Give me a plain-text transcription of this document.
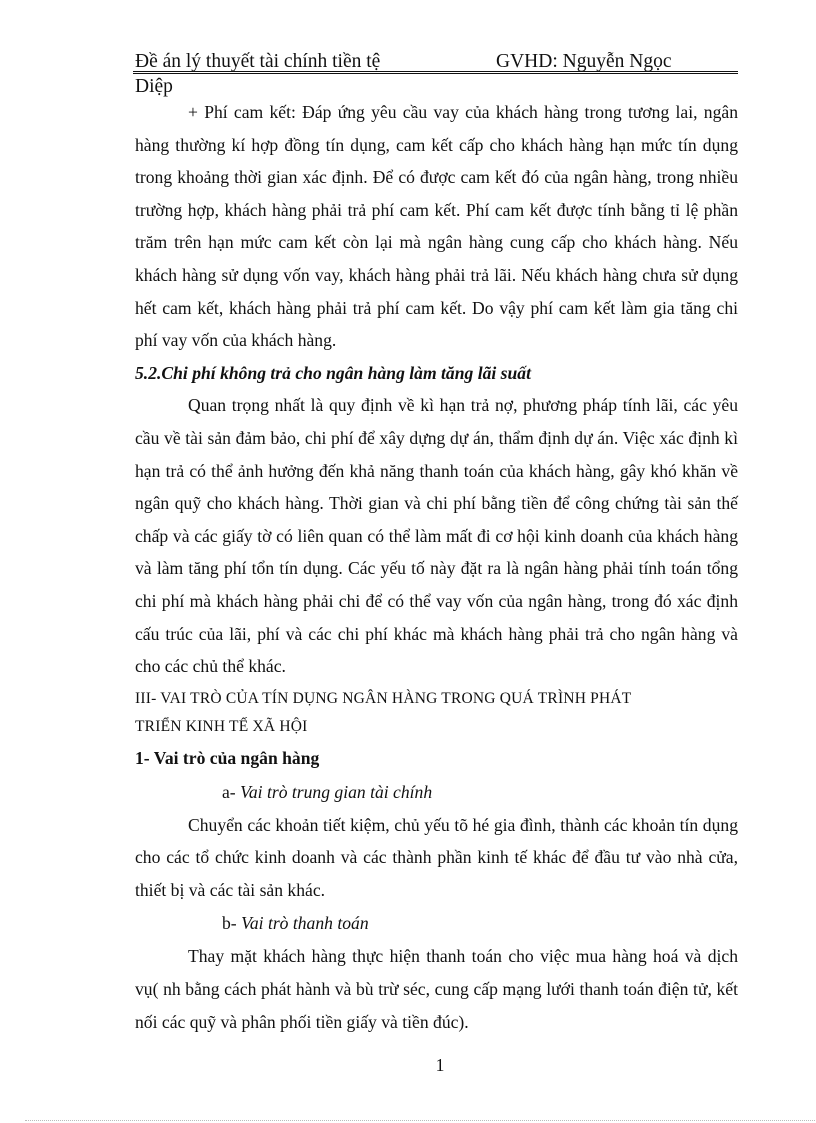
Đề án lý thuyết tài chính tiền tệ	GVHD: Nguyễn Ngọc
Diệp

+ Phí cam kết: Đáp ứng yêu cầu vay của khách hàng trong tương lai, ngân hàng thường kí hợp đồng tín dụng, cam kết cấp cho khách hàng hạn mức tín dụng trong khoảng thời gian xác định. Để có được cam kết đó của ngân hàng, trong nhiều trường hợp, khách hàng phải trả phí cam kết. Phí cam kết được tính bằng tỉ lệ phần trăm trên hạn mức cam kết còn lại mà ngân hàng cung cấp cho khách hàng. Nếu khách hàng sử dụng vốn vay, khách hàng phải trả lãi. Nếu khách hàng chưa sử dụng hết cam kết, khách hàng phải trả phí cam kết. Do vậy phí cam kết làm gia tăng chi phí vay vốn của khách hàng.

5.2.Chi phí không trả cho ngân hàng làm tăng lãi suất

Quan trọng nhất là quy định về kì hạn trả nợ, phương pháp tính lãi, các yêu cầu về tài sản đảm bảo, chi phí để xây dựng dự án, thẩm định dự án. Việc xác định kì hạn trả có thể ảnh hưởng đến khả năng thanh toán của khách hàng, gây khó khăn về ngân quỹ cho khách hàng. Thời gian và chi phí bằng tiền để công chứng tài sản thế chấp và các giấy tờ có liên quan có thể làm mất đi cơ hội kinh doanh của khách hàng và làm tăng phí tổn tín dụng. Các yếu tố này đặt ra là ngân hàng phải tính toán tổng chi phí mà khách hàng phải chi để có thể vay vốn của ngân hàng, trong đó xác định cấu trúc của lãi, phí và các chi phí khác mà khách hàng phải trả cho ngân hàng và cho các chủ thể khác.

III- VAI TRÒ CỦA TÍN DỤNG NGÂN HÀNG TRONG QUÁ TRÌNH PHÁT

TRIỂN KINH TẾ XÃ HỘI

1- Vai trò của ngân hàng

a- Vai trò trung gian tài chính

Chuyển các khoản tiết kiệm, chủ yếu tõ hé gia đình, thành các khoản tín dụng cho các tổ chức kinh doanh và các thành phần kinh tế khác để đầu tư vào nhà cửa, thiết bị và các tài sản khác.

b- Vai trò thanh toán

Thay mặt khách hàng thực hiện thanh toán cho việc mua hàng hoá và dịch vụ( nh bằng cách phát hành và bù trừ séc, cung cấp mạng lưới thanh toán điện tử, kết nối các quỹ và phân phối tiền giấy và tiền đúc).

1
